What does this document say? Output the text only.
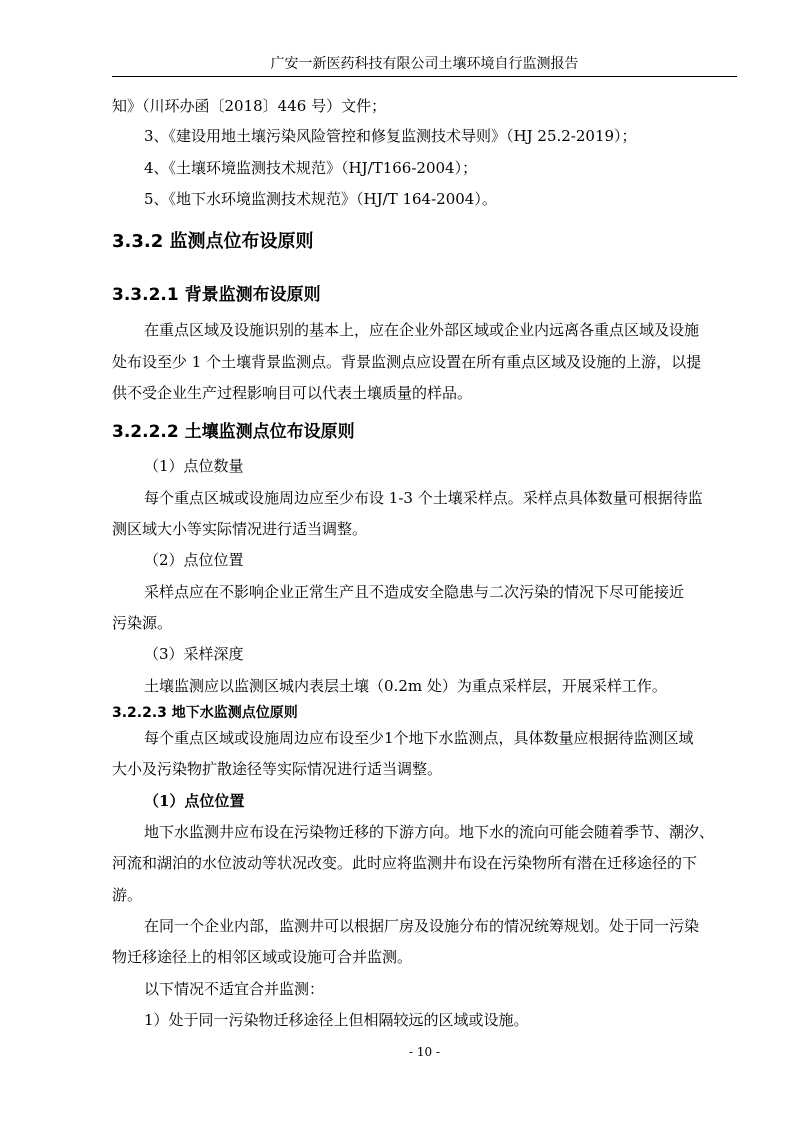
广安一新医药科技有限公司土壤环境自行监测报告
知》（川环办函〔2018〕446 号）文件；
3、《建设用地土壤污染风险管控和修复监测技术导则》（HJ 25.2-2019）；
4、《土壤环境监测技术规范》（HJ/T166-2004）；
5、《地下水环境监测技术规范》（HJ/T 164-2004）。
3.3.2 监测点位布设原则
3.3.2.1 背景监测布设原则
在重点区域及设施识别的基本上，应在企业外部区域或企业内远离各重点区域及设施
处布设至少 1 个土壤背景监测点。背景监测点应设置在所有重点区域及设施的上游，以提
供不受企业生产过程影响目可以代表土壤质量的样品。
3.2.2.2 土壤监测点位布设原则
（1）点位数量
每个重点区城或设施周边应至少布设 1-3 个土壤采样点。采样点具体数量可根据待监
测区域大小等实际情况进行适当调整。
（2）点位位置
采样点应在不影响企业正常生产且不造成安全隐患与二次污染的情况下尽可能接近
污染源。
（3）采样深度
土壤监测应以监测区城内表层土壤（0.2m 处）为重点采样层，开展采样工作。
3.2.2.3 地下水监测点位原则
每个重点区域或设施周边应布设至少1个地下水监测点，具体数量应根据待监测区域
大小及污染物扩散途径等实际情况进行适当调整。
（1）点位位置
地下水监测井应布设在污染物迁移的下游方向。地下水的流向可能会随着季节、潮汐、
河流和湖泊的水位波动等状况改变。此时应将监测井布设在污染物所有潜在迁移途径的下
游。
在同一个企业内部，监测井可以根据厂房及设施分布的情况统筹规划。处于同一污染
物迁移途径上的相邻区域或设施可合并监测。
以下情况不适宜合并监测：
1）处于同一污染物迁移途径上但相隔较远的区域或设施。
- 10 -
